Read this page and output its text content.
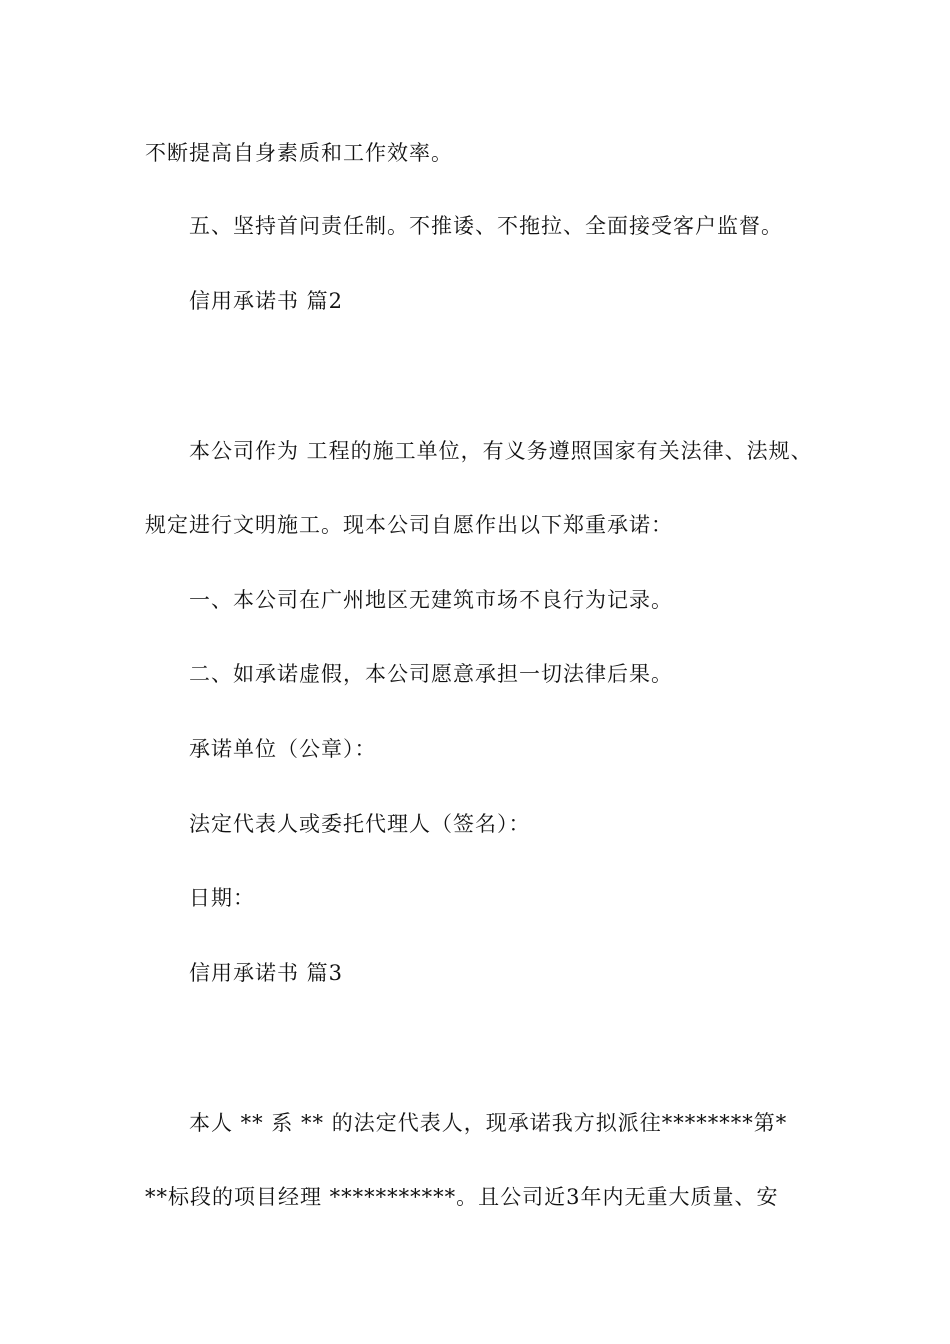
不断提高自身素质和工作效率。

五、坚持首问责任制。不推诿、不拖拉、全面接受客户监督。

信用承诺书 篇2

本公司作为 工程的施工单位，有义务遵照国家有关法律、法规、

规定进行文明施工。现本公司自愿作出以下郑重承诺：

一、本公司在广州地区无建筑市场不良行为记录。

二、如承诺虚假，本公司愿意承担一切法律后果。

承诺单位（公章）：

法定代表人或委托代理人（签名）：

日期：

信用承诺书 篇3

本人 ** 系 ** 的法定代表人，现承诺我方拟派往********第*

**标段的项目经理 ***********。且公司近3年内无重大质量、安
